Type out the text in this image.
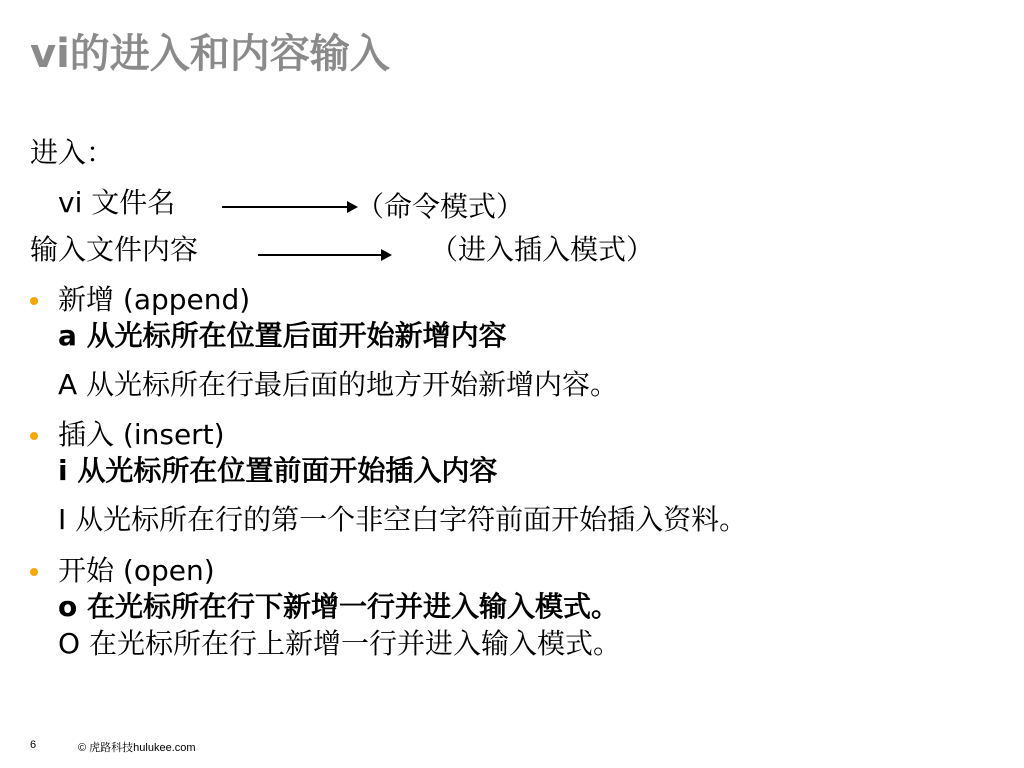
vi的进入和内容输入
进入：
vi 文件名	（命令模式）
输入文件内容	（进入插入模式）
新增 (append)
a 从光标所在位置后面开始新增内容
A 从光标所在行最后面的地方开始新增内容。
插入 (insert)
i 从光标所在位置前面开始插入内容
I 从光标所在行的第一个非空白字符前面开始插入资料。
开始 (open)
o 在光标所在行下新增一行并进入输入模式。
O 在光标所在行上新增一行并进入输入模式。
6	© 虎路科技hulukee.com
